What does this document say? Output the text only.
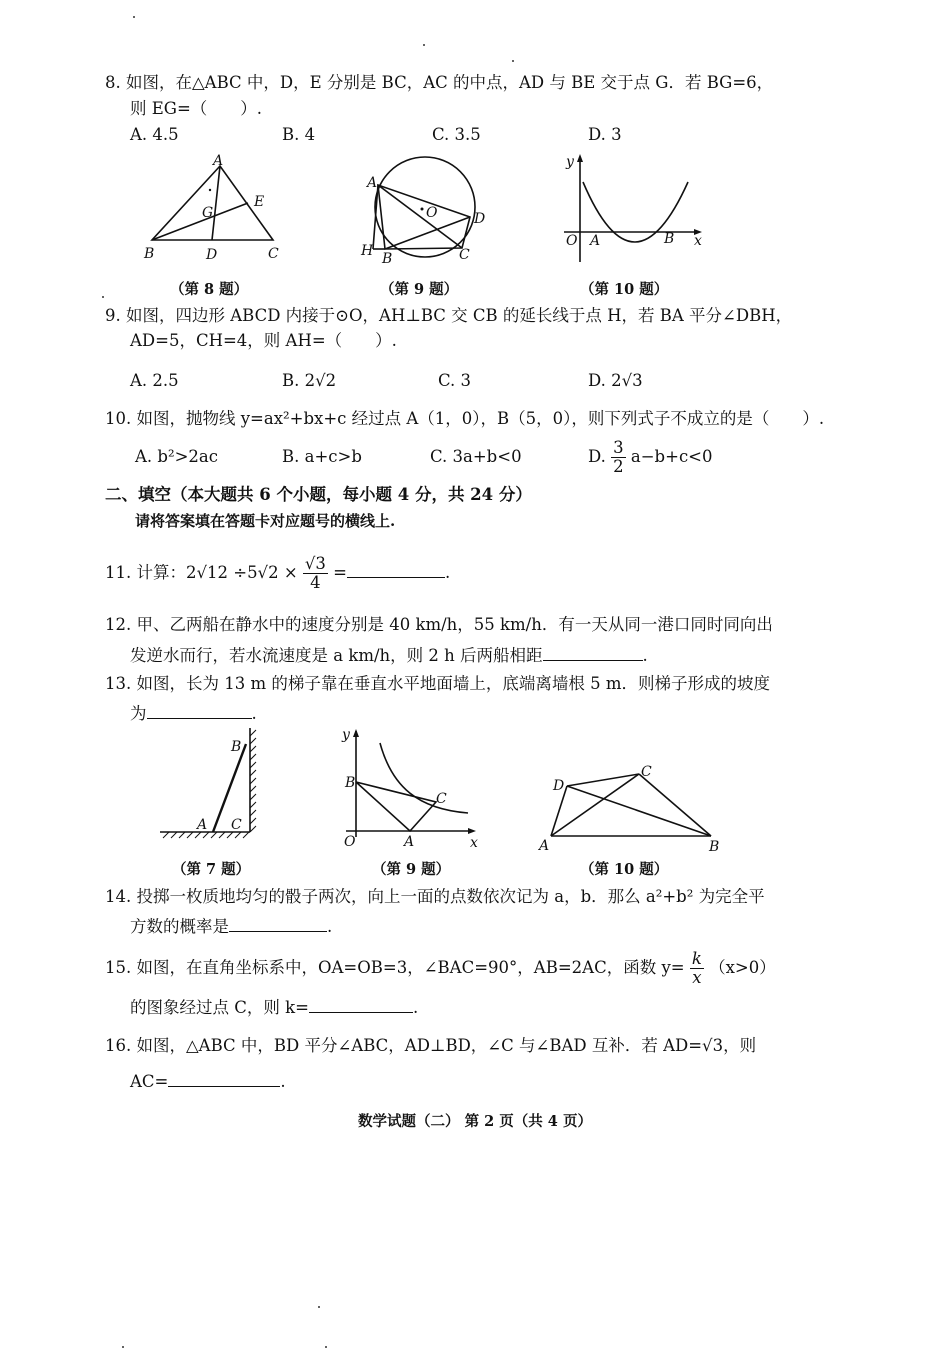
8. 如图，在△ABC 中，D，E 分别是 BC，AC 的中点，AD 与 BE 交于点 G．若 BG=6，
则 EG=（　　）.
A. 4.5	B. 4	C. 3.5	D. 3
A
G
E
B	D	C
A
O	D
H B	C
y
O A	B x
（第 8 题）	（第 9 题）	（第 10 题）
9. 如图，四边形 ABCD 内接于⊙O，AH⊥BC 交 CB 的延长线于点 H，若 BA 平分∠DBH，
AD=5，CH=4，则 AH=（　　）.
A. 2.5	B. 2√2	C. 3	D. 2√3
10. 如图，抛物线 y=ax²+bx+c 经过点 A（1，0），B（5，0），则下列式子不成立的是（　　）.
A. b²>2ac	B. a+c>b	C. 3a+b<0	D. $\frac{3}{2} a-b+c<0$
二、填空（本大题共 6 个小题，每小题 4 分，共 24 分）
请将答案填在答题卡对应题号的横线上.
11. 计算：$2√12 \div 5√2 \times \frac{√3}{4}$ =	.
12. 甲、乙两船在静水中的速度分别是 40 km/h，55 km/h．有一天从同一港口同时同向出
发逆水而行，若水流速度是 a km/h，则 2 h 后两船相距	.
13. 如图，长为 13 m 的梯子靠在垂直水平地面墙上，底端离墙根 5 m．则梯子形成的坡度
为	.
B
A C
y
B
C
O	A	x
D
C
A	B
（第 7 题）	（第 9 题）	（第 10 题）
14. 投掷一枚质地均匀的骰子两次，向上一面的点数依次记为 a，b．那么 a²+b² 为完全平
方数的概率是	.
15. 如图，在直角坐标系中，OA=OB=3，∠BAC=90°，AB=2AC，函数 $y= \frac{k}{x} (x>0)$
的图象经过点 C，则 k=	.
16. 如图，△ABC 中，BD 平分∠ABC，AD⊥BD，∠C 与∠BAD 互补．若 AD=√3，则
AC=	.
数学试题（二） 第 2 页（共 4 页）
